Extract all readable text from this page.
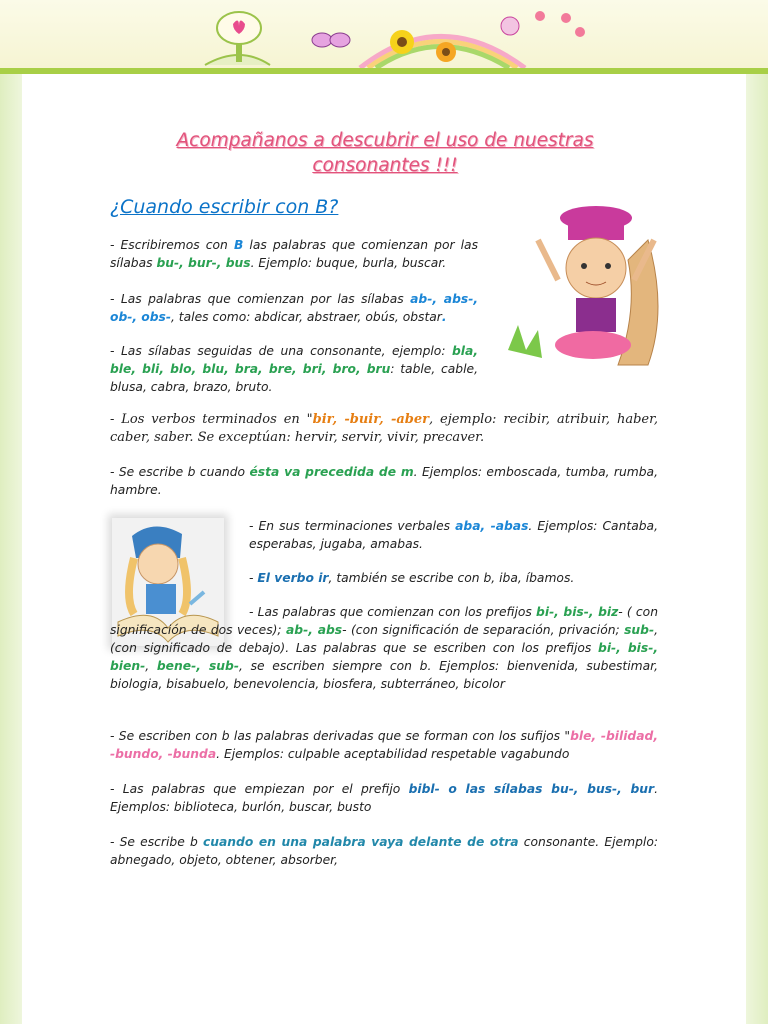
Acompañanos a descubrir el uso de nuestras
consonantes !!!
¿Cuando escribir con B?
- Escribiremos con B las palabras que comienzan por las sílabas bu-, bur-, bus. Ejemplo: buque, burla, buscar.
- Las palabras que comienzan por las sílabas ab-, abs-, ob-, obs-, tales como: abdicar, abstraer, obús, obstar.
- Las sílabas seguidas de una consonante, ejemplo: bla, ble, bli, blo, blu, bra, bre, bri, bro, bru: table, cable, blusa, cabra, brazo, bruto.
- Los verbos terminados en "bir, -buir, -aber, ejemplo: recibir, atribuir, haber, caber, saber. Se exceptúan: hervir, servir, vivir, precaver.
- Se escribe b cuando ésta va precedida de m. Ejemplos: emboscada, tumba, rumba, hambre.
- En sus terminaciones verbales aba, -abas. Ejemplos: Cantaba, esperabas, jugaba, amabas.
- El verbo ir, también se escribe con b, iba, íbamos.
- Las palabras que comienzan con los prefijos bi-, bis-, biz- ( con significación de dos veces); ab-, abs- (con significación de separación, privación; sub-, (con significado de debajo). Las palabras que se escriben con los prefijos bi-, bis-, bien-, bene-, sub-, se escriben siempre con b. Ejemplos: bienvenida, subestimar, biologia, bisabuelo, benevolencia, biosfera, subterráneo, bicolor
- Se escriben con b las palabras derivadas que se forman con los sufijos "ble, -bilidad, -bundo, -bunda. Ejemplos: culpable aceptabilidad respetable vagabundo
- Las palabras que empiezan por el prefijo bibl- o las sílabas bu-, bus-, bur. Ejemplos: biblioteca, burlón, buscar, busto
- Se escribe b cuando en una palabra vaya delante de otra consonante. Ejemplo: abnegado, objeto, obtener, absorber,
